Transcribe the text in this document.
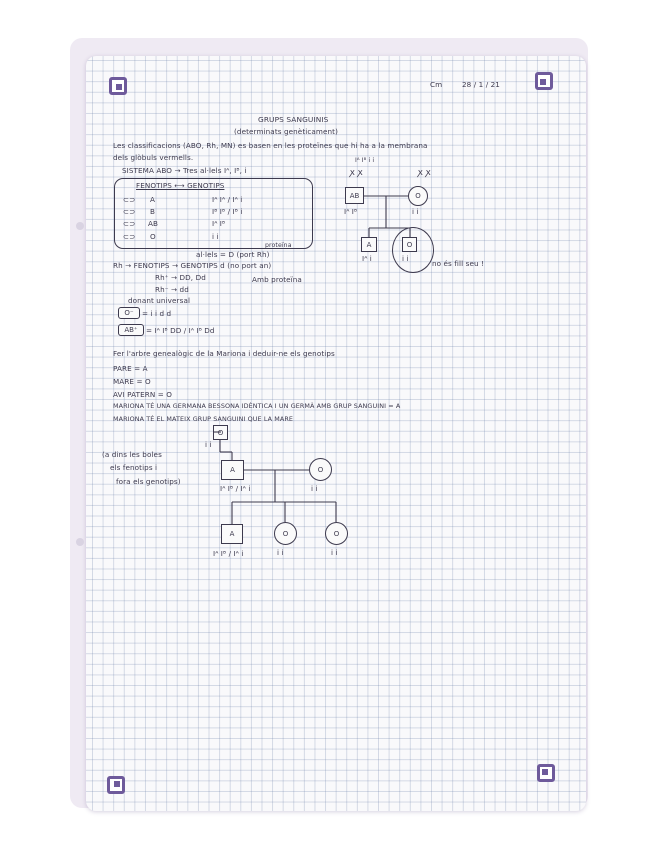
Cm	28 / 1 / 21
GRUPS SANGUINIS
(determinats genèticament)
Les classificacions (ABO, Rh, MN) es basen en les proteïnes que hi ha a la membrana
dels glòbuls vermells.
SISTEMA ABO → Tres al·lels Iᴬ, Iᴮ, i
FENOTIPS ⟷ GENOTIPS
⊂⊃ A	Iᴬ Iᴬ / Iᴬ i
⊂⊃ B	Iᴮ Iᴮ / Iᴮ i
⊂⊃ AB	Iᴬ Iᴮ
⊂⊃ O	i i
proteïna
al·lels = D (port Rh)
Rh → FENOTIPS → GENOTIPS d (no port an)
Rh⁺ → DD, Dd	Amb proteïna
Rh⁻ → dd
donant universal
O⁻	= i i d d
AB⁺	= Iᴬ Iᴮ DD / Iᴬ Iᴮ Dd
Iᴬ Iᴮ i i
ꭗ ꭗ	ꭗ ꭗ
AB
Iᴬ Iᴮ
O
i i
A
Iᴬ i
O
i i
no és fill seu !
Fer l'arbre genealògic de la Mariona i deduir-ne els genotips
PARE = A
MARE = O
AVI PATERN = O
MARIONA TÉ UNA GERMANA BESSONA IDÈNTICA I UN GERMÀ AMB GRUP SANGUINI = A
MARIONA TÉ EL MATEIX GRUP SANGUINI QUE LA MARE
(a dins les boles
els fenotips i
fora els genotips)
O
i i
A
Iᴬ Iᴮ / Iᴬ i
O
i i
A
Iᴬ Iᴮ / Iᴬ i
O
i i
O
i i
